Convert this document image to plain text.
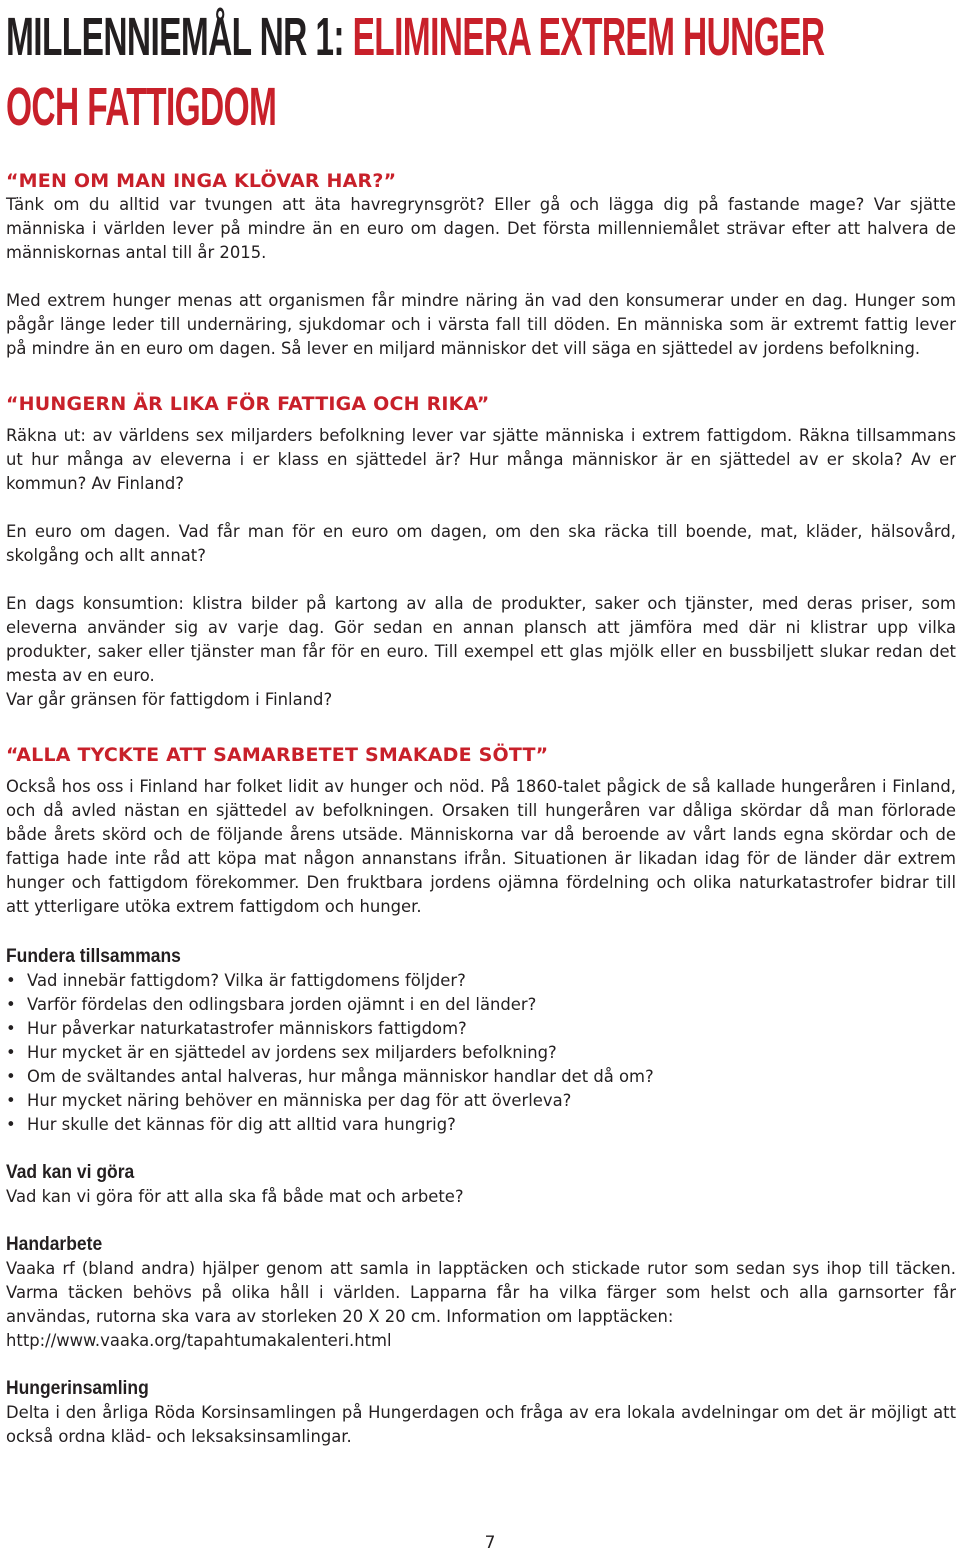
MILLENNIEMÅL NR 1: ELIMINERA EXTREM HUNGER
OCH FATTIGDOM
“MEN OM MAN INGA KLÖVAR HAR?”

Tänk om du alltid var tvungen att äta havregrynsgröt? Eller gå och lägga dig på fastande mage? Var sjätte människa i världen lever på mindre än en euro om dagen. Det första millenniemålet strävar efter att halvera de människornas antal till år 2015.

Med extrem hunger menas att organismen får mindre näring än vad den konsumerar under en dag. Hunger som pågår länge leder till undernäring, sjukdomar och i värsta fall till döden. En människa som är extremt fattig lever på mindre än en euro om dagen. Så lever en miljard människor det vill säga en sjättedel av jordens befolkning.

“HUNGERN ÄR LIKA FÖR FATTIGA OCH RIKA”

Räkna ut: av världens sex miljarders befolkning lever var sjätte människa i extrem fattigdom. Räkna tillsammans ut hur många av eleverna i er klass en sjättedel är? Hur många människor är en sjättedel av er skola? Av er kommun? Av Finland?

En euro om dagen. Vad får man för en euro om dagen, om den ska räcka till boende, mat, kläder, hälsovård, skolgång och allt annat?

En dags konsumtion: klistra bilder på kartong av alla de produkter, saker och tjänster, med deras priser, som eleverna använder sig av varje dag. Gör sedan en annan plansch att jämföra med där ni klistrar upp vilka produkter, saker eller tjänster man får för en euro. Till exempel ett glas mjölk eller en bussbiljett slukar redan det mesta av en euro.

Var går gränsen för fattigdom i Finland?

“ALLA TYCKTE ATT SAMARBETET SMAKADE SÖTT”

Också hos oss i Finland har folket lidit av hunger och nöd. På 1860-talet pågick de så kallade hungeråren i Finland, och då avled nästan en sjättedel av befolkningen. Orsaken till hungeråren var dåliga skördar då man förlorade både årets skörd och de följande årens utsäde. Människorna var då beroende av vårt lands egna skördar och de fattiga hade inte råd att köpa mat någon annanstans ifrån. Situationen är likadan idag för de länder där extrem hunger och fattigdom förekommer. Den fruktbara jordens ojämna fördelning och olika naturkatastrofer bidrar till att ytterligare utöka extrem fattigdom och hunger.

Fundera tillsammans
• Vad innebär fattigdom? Vilka är fattigdomens följder?
• Varför fördelas den odlingsbara jorden ojämnt i en del länder?
• Hur påverkar naturkatastrofer människors fattigdom?
• Hur mycket är en sjättedel av jordens sex miljarders befolkning?
• Om de svältandes antal halveras, hur många människor handlar det då om?
• Hur mycket näring behöver en människa per dag för att överleva?
• Hur skulle det kännas för dig att alltid vara hungrig?
Vad kan vi göra

Vad kan vi göra för att alla ska få både mat och arbete?

Handarbete

Vaaka rf (bland andra) hjälper genom att samla in lapptäcken och stickade rutor som sedan sys ihop till täcken. Varma täcken behövs på olika håll i världen. Lapparna får ha vilka färger som helst och alla garnsorter får användas, rutorna ska vara av storleken 20 X 20 cm. Information om lapptäcken:

http://www.vaaka.org/tapahtumakalenteri.html

Hungerinsamling

Delta i den årliga Röda Korsinsamlingen på Hungerdagen och fråga av era lokala avdelningar om det är möjligt att också ordna kläd- och leksaksinsamlingar.

7
